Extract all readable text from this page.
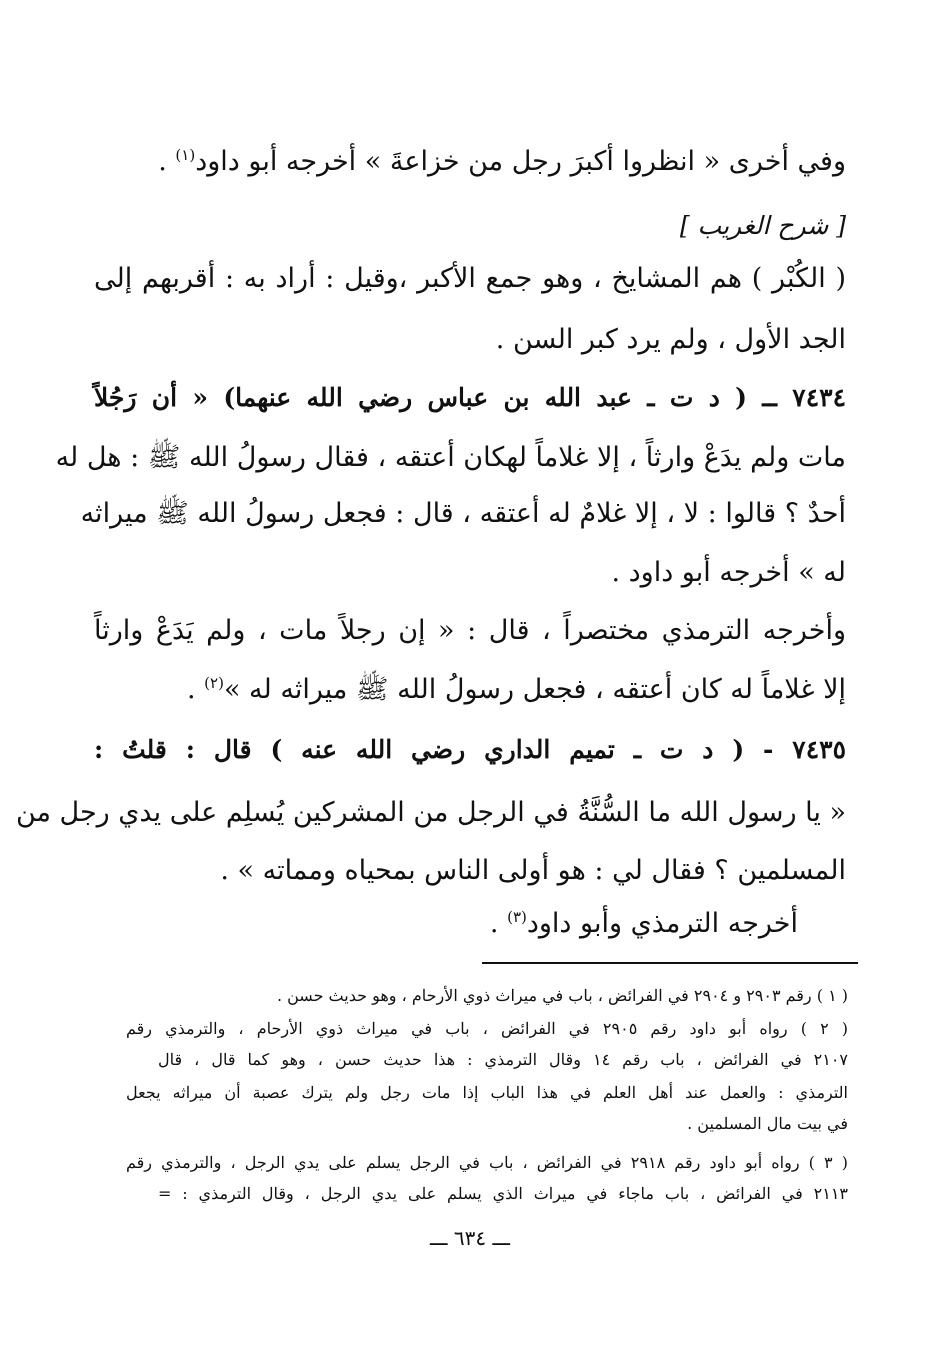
وفي أخرى « انظروا أكبرَ رجل من خزاعةَ » أخرجه أبو داود$^{(١)}$ .
[ شرح الغريب ]
( الكُبْر ) هم المشايخ ، وهو جمع الأكبر ،وقيل : أراد به : أقربهم إلى
الجد الأول ، ولم يرد كبر السن .
٧٤٣٤ ــ ( د ت ـ عبد الله بن عباس رضي الله عنهما) « أن رَجُلاً
مات ولم يدَعْ وارثاً ، إلا غلاماً لهكان أعتقه ، فقال رسولُ الله ﷺ : هل له
أحدٌ ؟ قالوا : لا ، إلا غلامٌ له أعتقه ، قال : فجعل رسولُ الله ﷺ ميراثه
له » أخرجه أبو داود .
وأخرجه الترمذي مختصراً ، قال : « إن رجلاً مات ، ولم يَدَعْ وارثاً
إلا غلاماً له كان أعتقه ، فجعل رسولُ الله ﷺ ميراثه له »$^{(٢)}$ .
٧٤٣٥ - ( د ت ـ تميم الداري رضي الله عنه ) قال : قلتُ :
« يا رسول الله ما السُّنَّةُ في الرجل من المشركين يُسلِم على يدي رجل من
المسلمين ؟ فقال لي : هو أولى الناس بمحياه ومماته » .
أخرجه الترمذي وأبو داود$^{(٣)}$ .
( ١ ) رقم ٢٩٠٣ و ٢٩٠٤ في الفرائض ، باب في ميراث ذوي الأرحام ، وهو حديث حسن .
( ٢ ) رواه أبو داود رقم ٢٩٠٥ في الفرائض ، باب في ميراث ذوي الأرحام ، والترمذي رقم
٢١٠٧ في الفرائض ، باب رقم ١٤ وقال الترمذي : هذا حديث حسن ، وهو كما قال ، قال
الترمذي : والعمل عند أهل العلم في هذا الباب إذا مات رجل ولم يترك عصبة أن ميراثه يجعل
في بيت مال المسلمين .
( ٣ ) رواه أبو داود رقم ٢٩١٨ في الفرائض ، باب في الرجل يسلم على يدي الرجل ، والترمذي رقم
٢١١٣ في الفرائض ، باب ماجاء في ميراث الذي يسلم على يدي الرجل ، وقال الترمذي : =
ـــ ٦٣٤ ـــ
